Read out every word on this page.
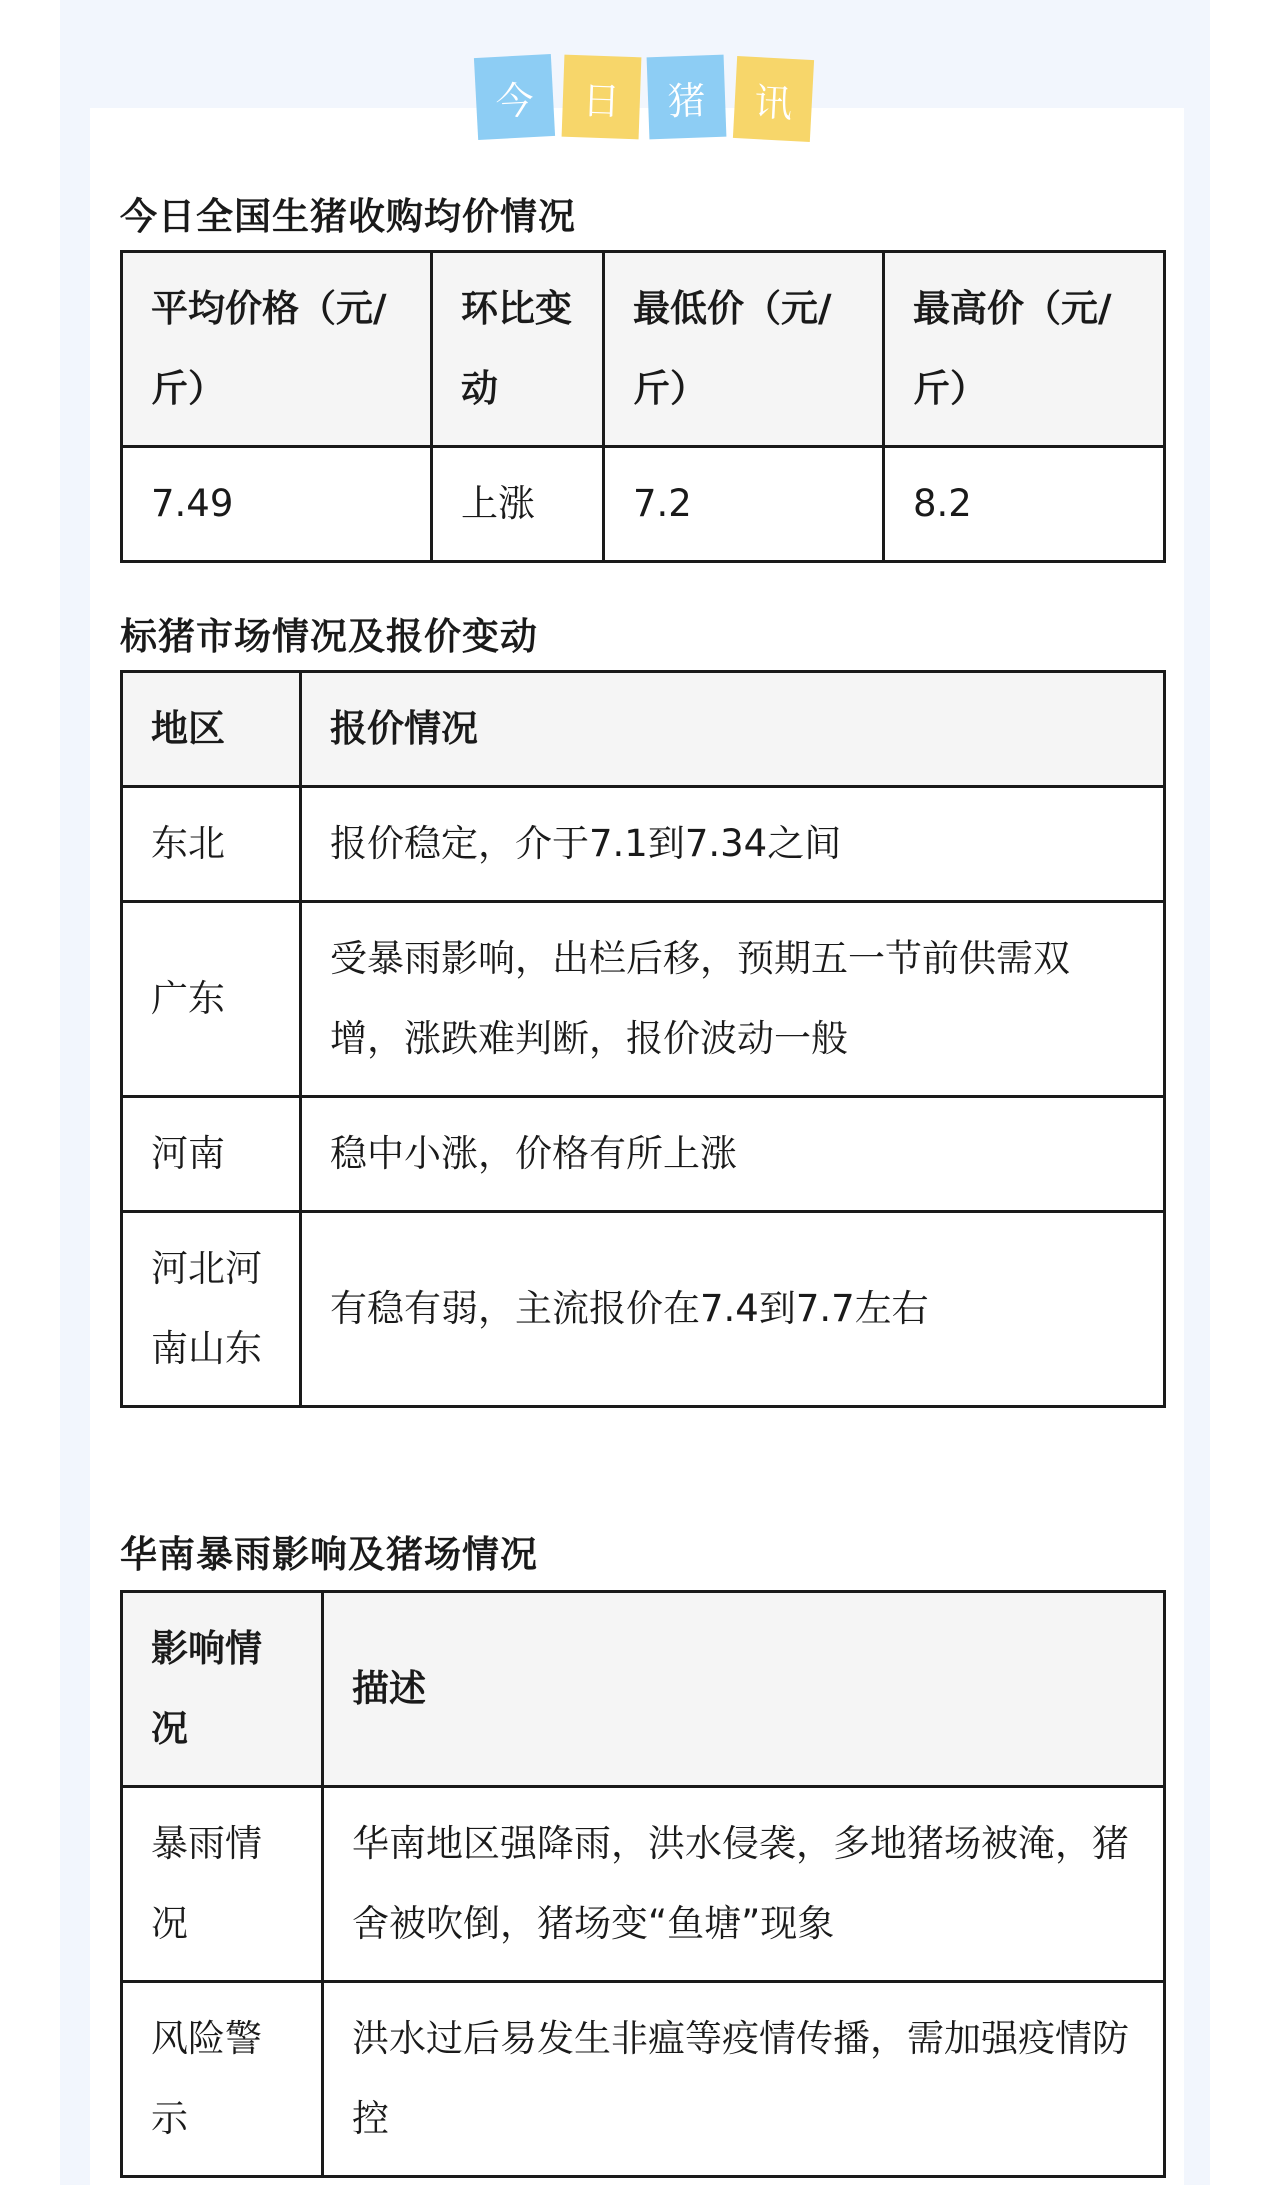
今	日	猪	讯
今日全国生猪收购均价情况
平均价格（元/斤）	环比变动	最低价（元/斤）	最高价（元/斤）

7.49	上涨	7.2	8.2
标猪市场情况及报价变动
地区	报价情况
东北	报价稳定，介于7.1到7.34之间
广东	受暴雨影响，出栏后移，预期五一节前供需双增，涨跌难判断，报价波动一般
河南	稳中小涨，价格有所上涨
河北河南山东	有稳有弱，主流报价在7.4到7.7左右
华南暴雨影响及猪场情况
影响情况	描述
暴雨情况	华南地区强降雨，洪水侵袭，多地猪场被淹，猪舍被吹倒，猪场变“鱼塘”现象
风险警示	洪水过后易发生非瘟等疫情传播，需加强疫情防控
